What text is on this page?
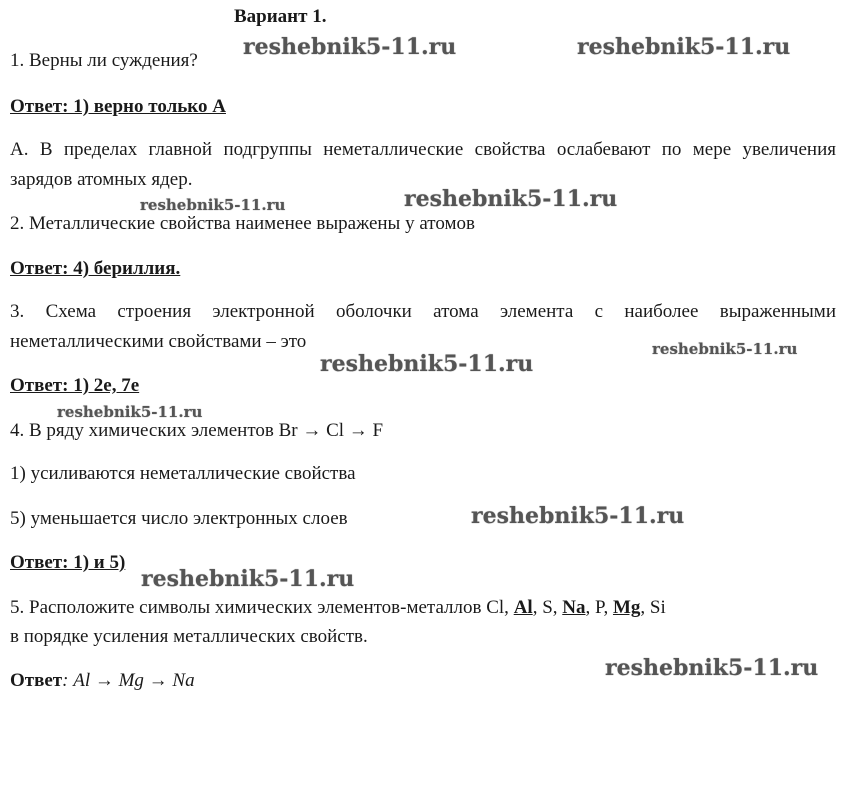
Вариант 1.
1. Верны ли суждения?
Ответ: 1) верно только А
А. В пределах главной подгруппы неметаллические свойства ослабевают по мере увеличения зарядов атомных ядер.
2. Металлические свойства наименее выражены у атомов
Ответ: 4) бериллия.
3. Схема строения электронной оболочки атома элемента с наиболее выраженными неметаллическими свойствами – это
Ответ: 1) 2е, 7е
4. В ряду химических элементов Br → Cl → F
1) усиливаются неметаллические свойства
5) уменьшается число электронных слоев
Ответ: 1) и 5)
5. Расположите символы химических элементов-металлов Cl, Al, S, Na, P, Mg, Si
в порядке усиления металлических свойств.
Ответ: Al → Mg → Na
reshebnik5-11.ru	reshebnik5-11.ru
reshebnik5-11.ru
reshebnik5-11.ru
reshebnik5-11.ru
reshebnik5-11.ru
reshebnik5-11.ru
reshebnik5-11.ru
reshebnik5-11.ru
reshebnik5-11.ru
